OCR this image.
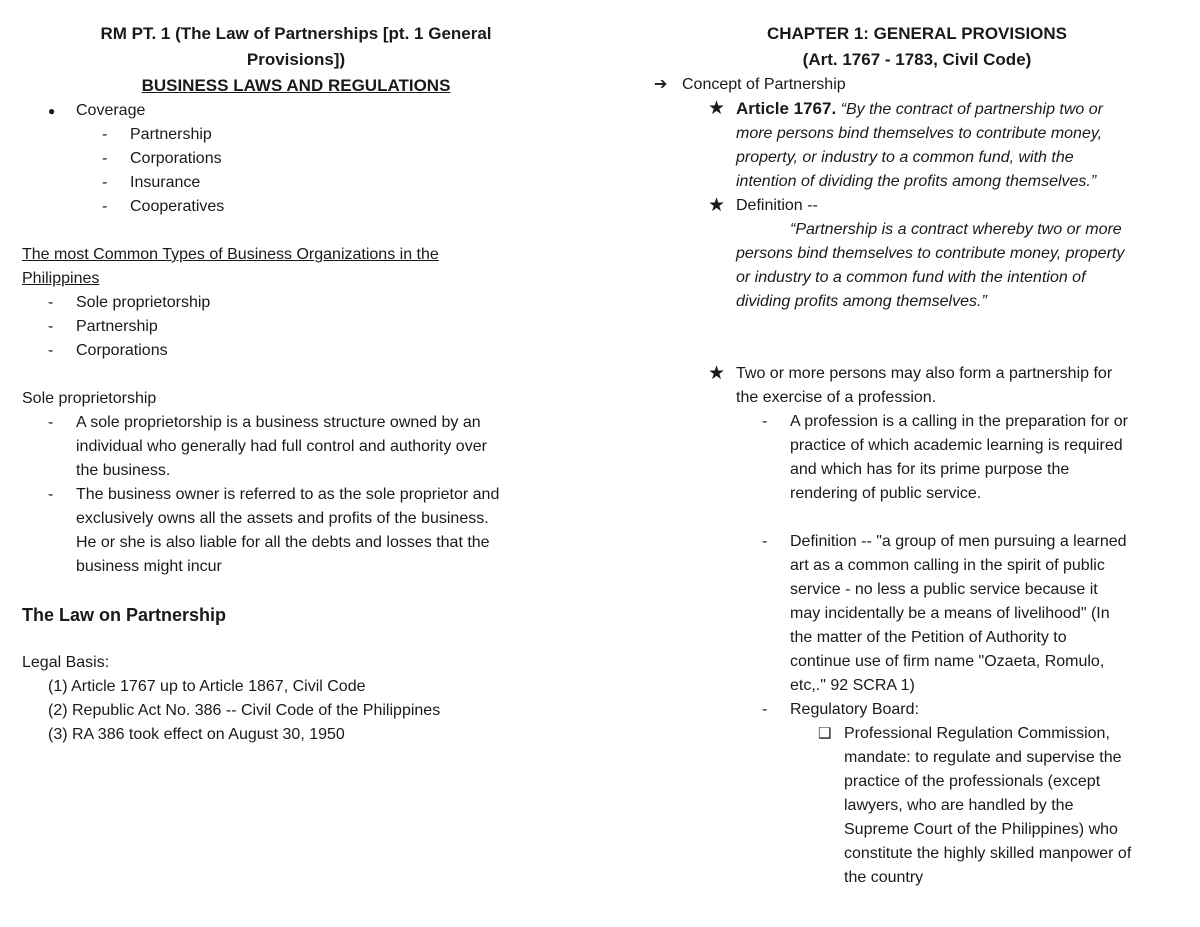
RM PT. 1 (The Law of Partnerships [pt. 1 General
Provisions])
BUSINESS LAWS AND REGULATIONS
● Coverage
- Partnership
- Corporations
- Insurance
- Cooperatives
The most Common Types of Business Organizations in the
Philippines
- Sole proprietorship
- Partnership
- Corporations
Sole proprietorship
- A sole proprietorship is a business structure owned by an
individual who generally had full control and authority over
the business.
- The business owner is referred to as the sole proprietor and
exclusively owns all the assets and profits of the business.
He or she is also liable for all the debts and losses that the
business might incur
The Law on Partnership
Legal Basis:
(1) Article 1767 up to Article 1867, Civil Code
(2) Republic Act No. 386 -- Civil Code of the Philippines
(3) RA 386 took effect on August 30, 1950
CHAPTER 1: GENERAL PROVISIONS
(Art. 1767 - 1783, Civil Code)
➔ Concept of Partnership
★ Article 1767. “By the contract of partnership two or
more persons bind themselves to contribute money,
property, or industry to a common fund, with the
intention of dividing the profits among themselves.”
★ Definition --
“Partnership is a contract whereby two or more
persons bind themselves to contribute money, property
or industry to a common fund with the intention of
dividing profits among themselves.”
★ Two or more persons may also form a partnership for
the exercise of a profession.
- A profession is a calling in the preparation for or
practice of which academic learning is required
and which has for its prime purpose the
rendering of public service.
- Definition -- "a group of men pursuing a learned
art as a common calling in the spirit of public
service - no less a public service because it
may incidentally be a means of livelihood" (In
the matter of the Petition of Authority to
continue use of firm name "Ozaeta, Romulo,
etc,." 92 SCRA 1)
- Regulatory Board:
❑ Professional Regulation Commission,
mandate: to regulate and supervise the
practice of the professionals (except
lawyers, who are handled by the
Supreme Court of the Philippines) who
constitute the highly skilled manpower of
the country
